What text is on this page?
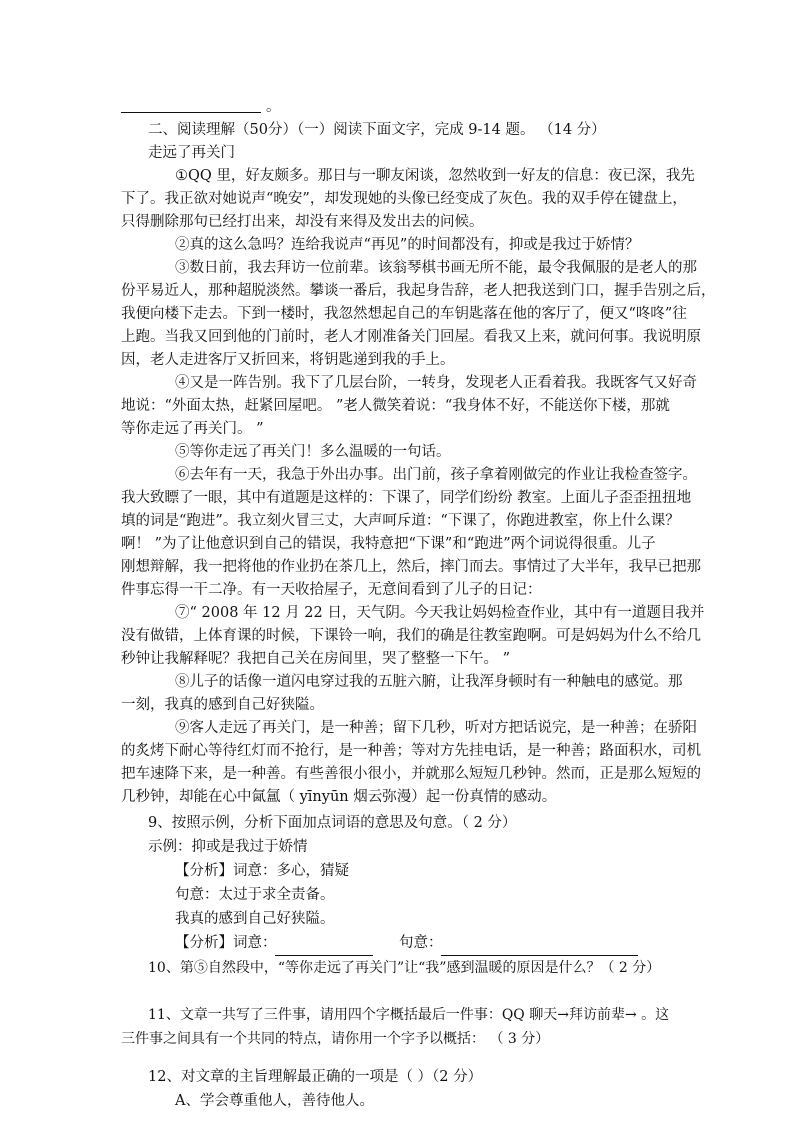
。
二、阅读理解（50分）（一）阅读下面文字，完成 9-14 题。 （14 分）
走远了再关门
①QQ 里，好友颇多。那日与一聊友闲谈，忽然收到一好友的信息：夜已深，我先
下了。我正欲对她说声“晚安”，却发现她的头像已经变成了灰色。我的双手停在键盘上，
只得删除那句已经打出来，却没有来得及发出去的问候。
②真的这么急吗？连给我说声“再见”的时间都没有，抑或是我过于娇情？
③数日前，我去拜访一位前辈。该翁琴棋书画无所不能，最令我佩服的是老人的那
份平易近人，那种超脱淡然。攀谈一番后，我起身告辞，老人把我送到门口，握手告别之后，
我便向楼下走去。下到一楼时，我忽然想起自己的车钥匙落在他的客厅了，便又“咚咚”往
上跑。当我又回到他的门前时，老人才刚准备关门回屋。看我又上来，就问何事。我说明原
因，老人走进客厅又折回来，将钥匙递到我的手上。
④又是一阵告别。我下了几层台阶，一转身，发现老人正看着我。我既客气又好奇
地说：“外面太热，赶紧回屋吧。 ”老人微笑着说：“我身体不好，不能送你下楼，那就
等你走远了再关门。 ”
⑤等你走远了再关门！多么温暖的一句话。
⑥去年有一天，我急于外出办事。出门前，孩子拿着刚做完的作业让我检查签字。
我大致瞟了一眼，其中有道题是这样的：下课了，同学们纷纷 教室。上面儿子歪歪扭扭地
填的词是“跑进”。我立刻火冒三丈，大声呵斥道：“下课了，你跑进教室，你上什么课？
啊！ ”为了让他意识到自己的错误，我特意把“下课”和“跑进”两个词说得很重。儿子
刚想辩解，我一把将他的作业扔在茶几上，然后，摔门而去。事情过了大半年，我早已把那
件事忘得一干二净。有一天收拾屋子，无意间看到了儿子的日记：
⑦“ 2008 年 12 月 22 日，天气阴。今天我让妈妈检查作业，其中有一道题目我并
没有做错，上体育课的时候，下课铃一响，我们的确是往教室跑啊。可是妈妈为什么不给几
秒钟让我解释呢？我把自己关在房间里，哭了整整一下午。 ”
⑧儿子的话像一道闪电穿过我的五脏六腑，让我浑身顿时有一种触电的感觉。那
一刻，我真的感到自己好狭隘。
⑨客人走远了再关门，是一种善；留下几秒，听对方把话说完，是一种善；在骄阳
的炙烤下耐心等待红灯而不抢行，是一种善；等对方先挂电话，是一种善；路面积水，司机
把车速降下来，是一种善。有些善很小很小，并就那么短短几秒钟。然而，正是那么短短的
几秒钟，却能在心中氤氲（ yīnyūn 烟云弥漫）起一份真情的感动。
9、按照示例，分析下面加点词语的意思及句意。（ 2 分）
示例：抑或是我过于娇情
【分析】词意：多心，猜疑
句意：太过于求全责备。
我真的感到自己好狭隘。
【分析】词意：	句意：
10、第⑤自然段中，“等你走远了再关门”让“我”感到温暖的原因是什么？（ 2 分）
11、文章一共写了三件事，请用四个字概括最后一件事：QQ 聊天→拜访前辈→ 。这
三件事之间具有一个共同的特点，请你用一个字予以概括： （ 3 分）
12、对文章的主旨理解最正确的一项是（ ）（2 分）
A、学会尊重他人，善待他人。
